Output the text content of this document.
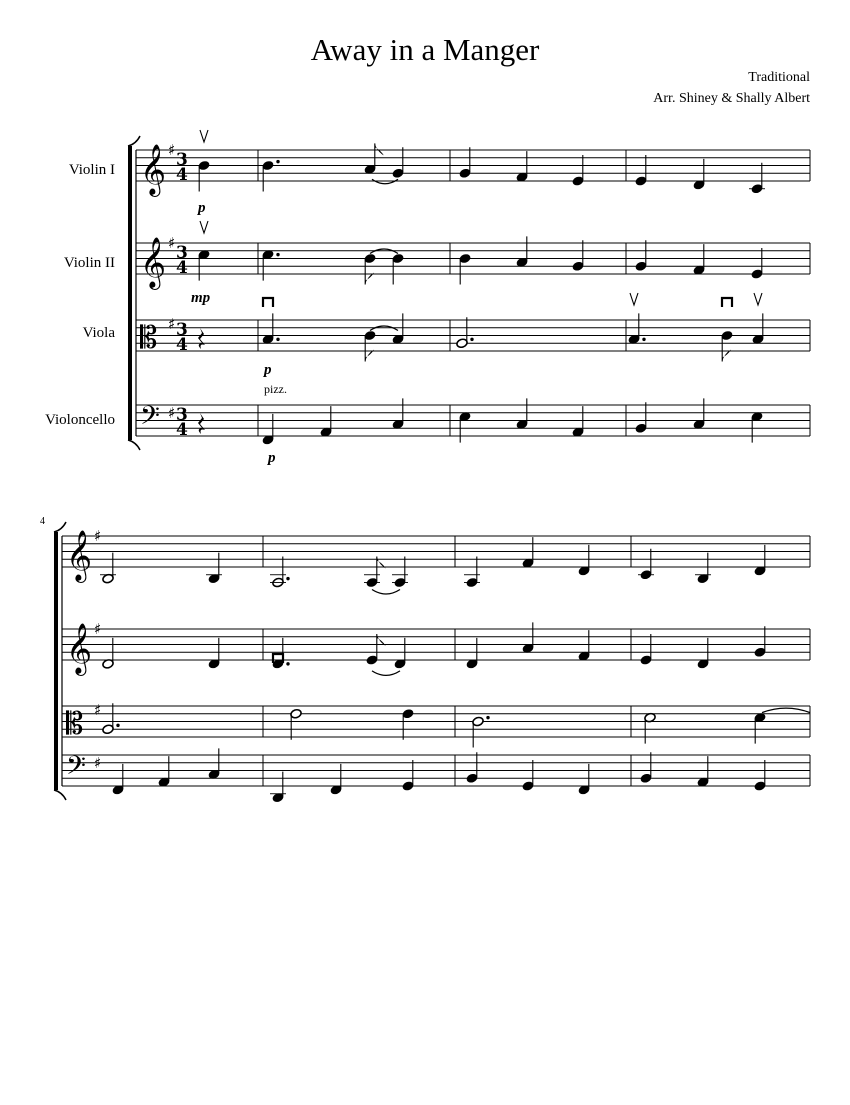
𝄞 ♯ 3
4
𝄞 ♯ 3
4
𝄡 ♯ 3
4
𝄢 ♯ 3
4
𝄞 ♯
𝄞 ♯
𝄡 ♯
𝄢 ♯
Away in a Manger
Traditional
Arr. Shiney & Shally Albert
Violin I
Violin II
Viola
Violoncello
p
mp
p
pizz.
p
4
